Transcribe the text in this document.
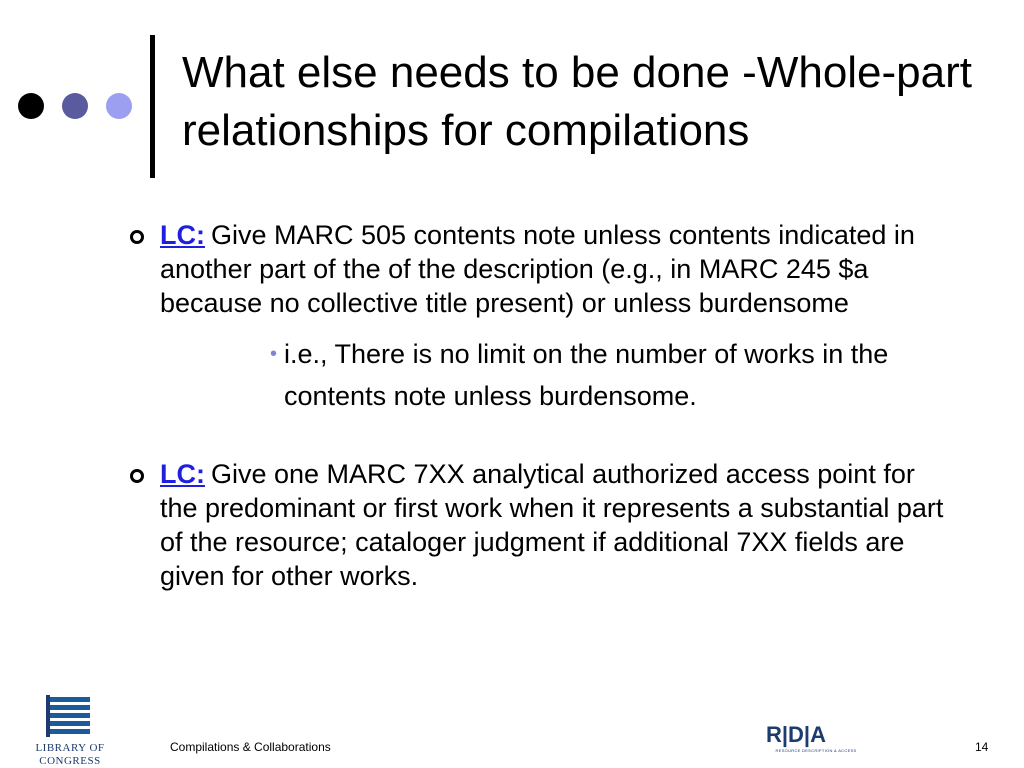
What else needs to be done -Whole-part relationships for compilations
LC: Give MARC 505 contents note unless contents indicated in another part of the of the description (e.g., in MARC 245 $a because no collective title present) or unless burdensome
• i.e., There is no limit on the number of works in the contents note unless burdensome.
LC: Give one MARC 7XX analytical authorized access point for the predominant or first work when it represents a substantial part of the resource; cataloger judgment if additional 7XX fields are given for other works.
LIBRARY OF CONGRESS
Compilations & Collaborations	R|D|A
RESOURCE DESCRIPTION & ACCESS	14
